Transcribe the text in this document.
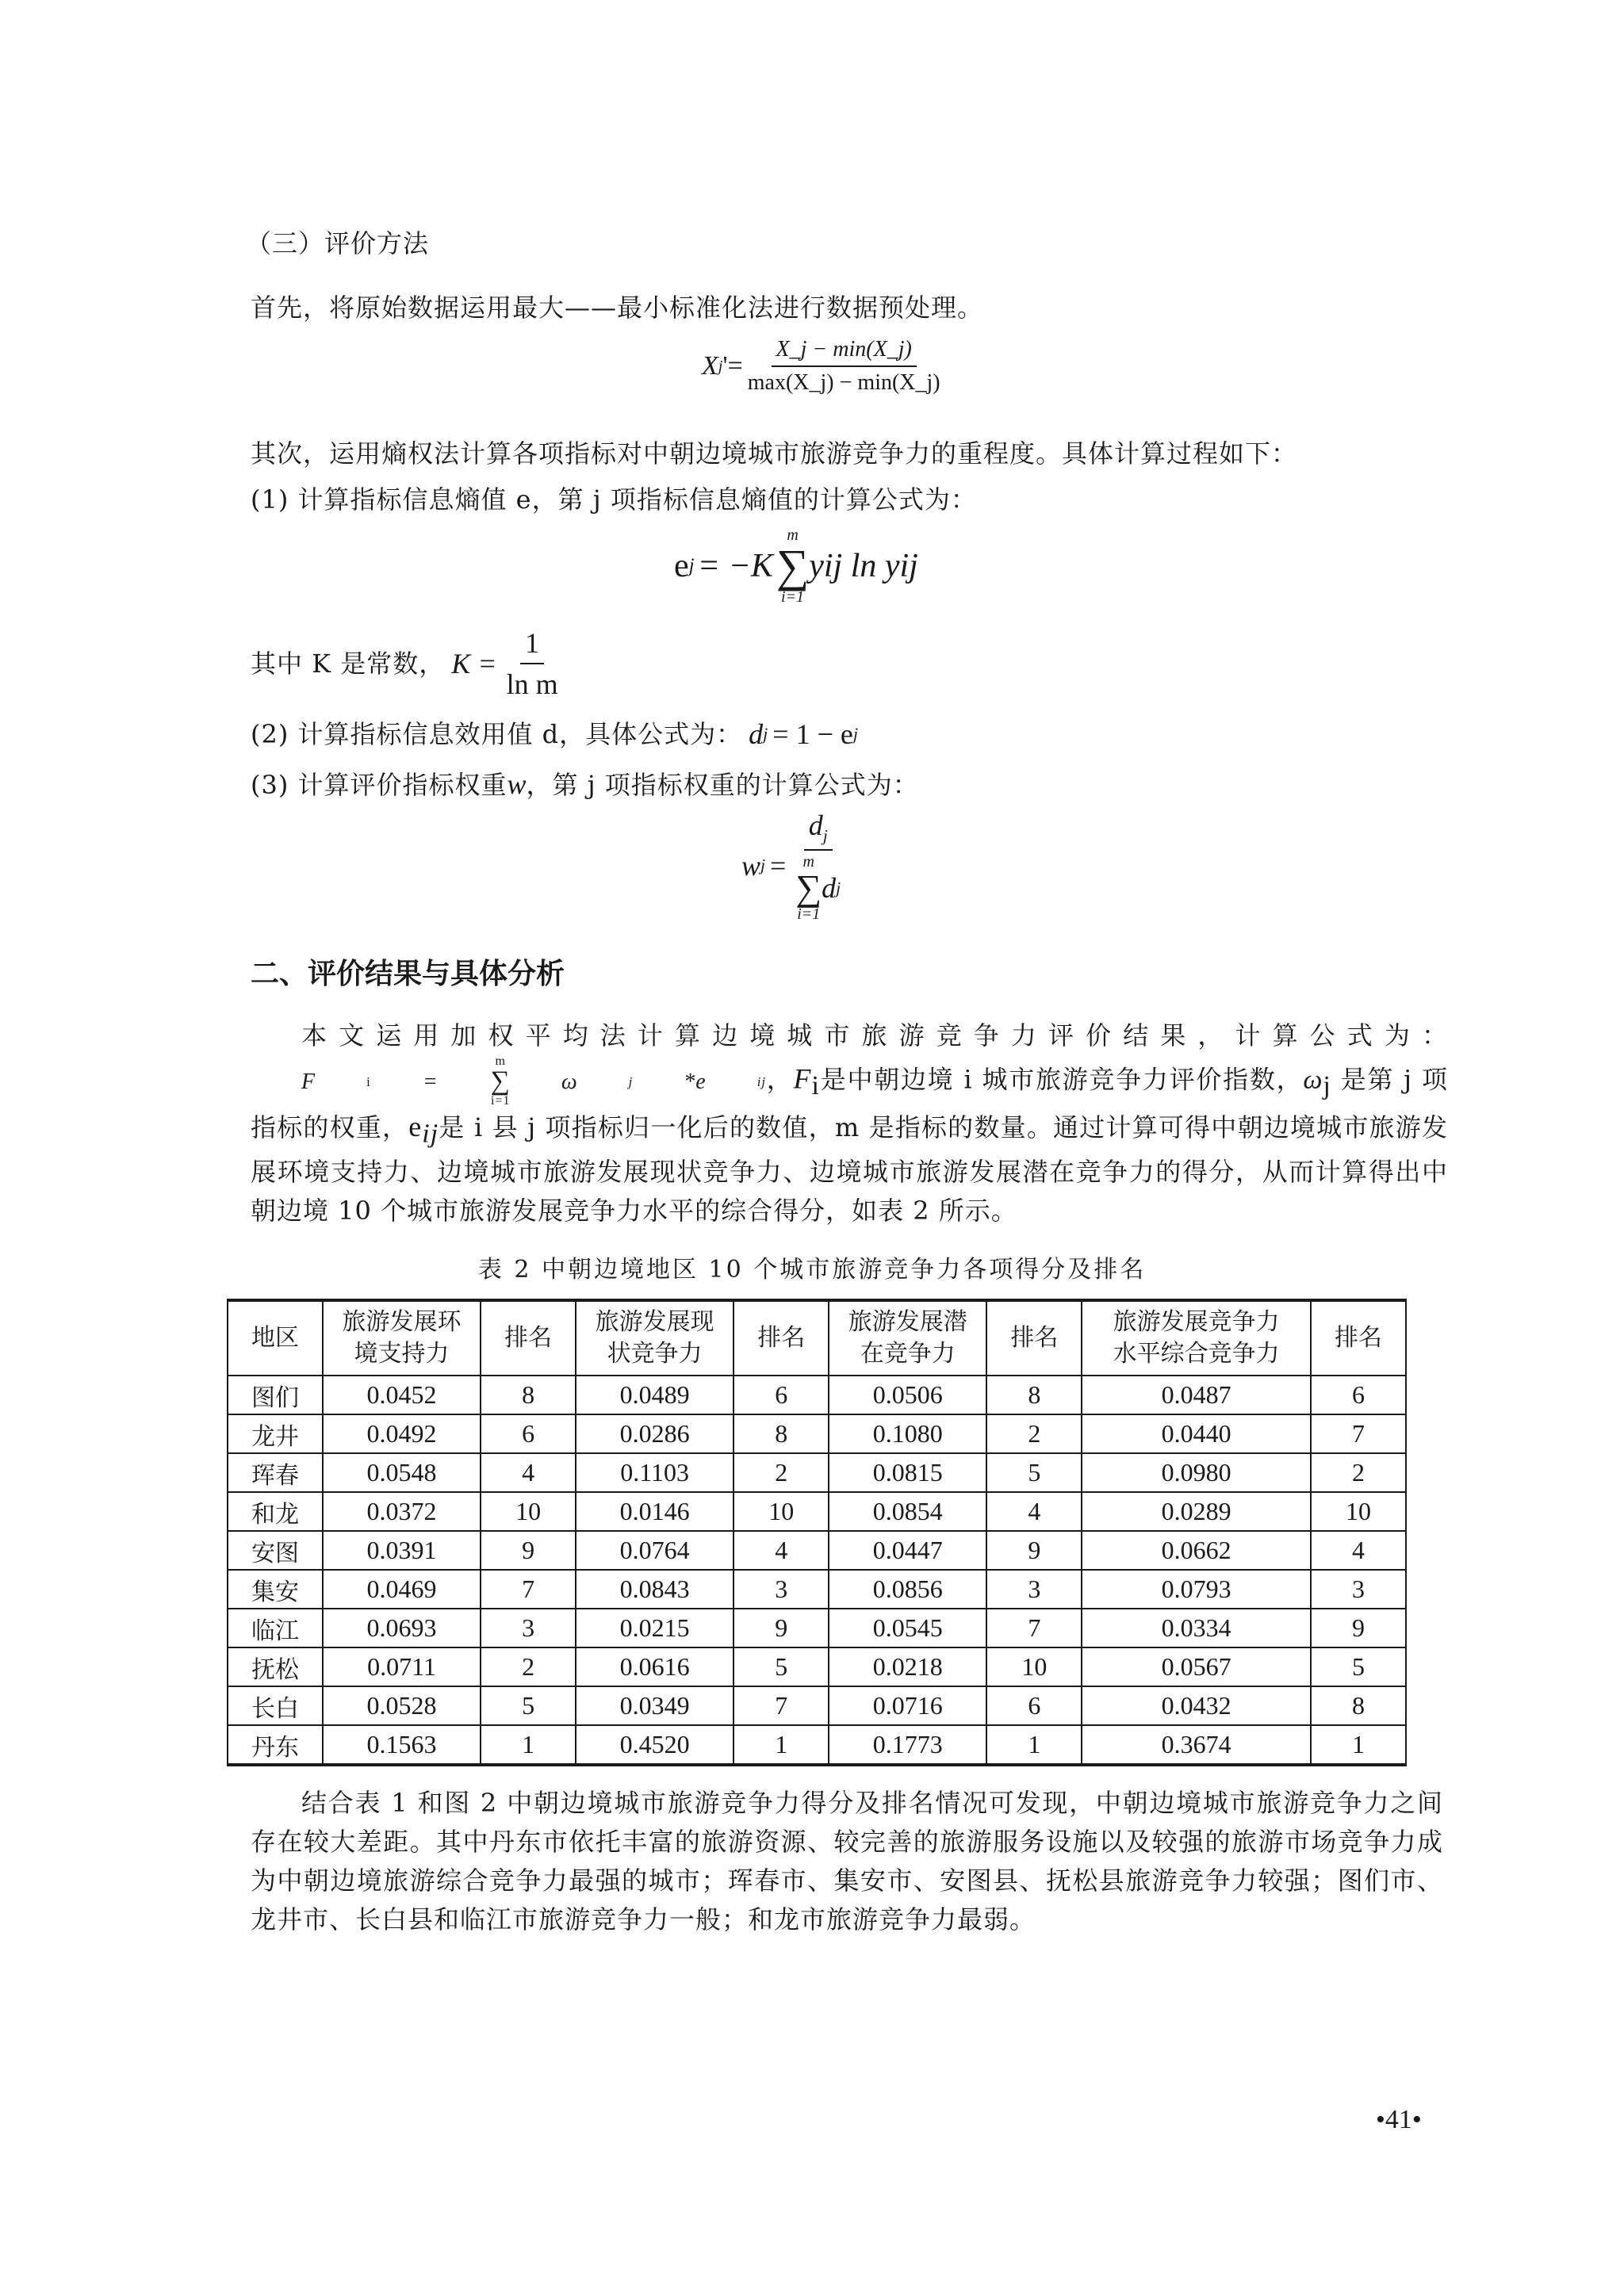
（三）评价方法
首先，将原始数据运用最大——最小标准化法进行数据预处理。
X j '= $\frac{X\_j - \min(X\_j)}{\max(X\_j) - \min(X\_j)}$
其次，运用熵权法计算各项指标对中朝边境城市旅游竞争力的重程度。具体计算过程如下：
(1) 计算指标信息熵值 e，第 j 项指标信息熵值的计算公式为：
e j = −K
m
∑
i=1
yij ln yij
其中 K 是常数， $K = \frac{1}{\text{ln m}}$
(2) 计算指标信息效用值 d，具体公式为： d j = 1 − e j
(3) 计算评价指标权重 w ，第 j 项指标权重的计算公式为：
w $j = d_j$
m
∑
i=1
d j
二、评价结果与具体分析

本文运用加权平均法计算边境城市旅游竞争力评价结果，计算公式为：
F	i	=
m
∑
i=1
ω	j	*e	ij ，$F_i$是中朝边境 i 城市旅游竞争力评价指数，$\omega_j$ 是第 j 项指标的权重，$e_{ij}$是 i 县 j 项指标归一化后的数值，m 是指标的数量。通过计算可得中朝边境城市旅游发展环境支持力、边境城市旅游发展现状竞争力、边境城市旅游发展潜在竞争力的得分，从而计算得出中朝边境 10 个城市旅游发展竞争力水平的综合得分，如表 2 所示。

表 2 中朝边境地区 10 个城市旅游竞争力各项得分及排名
地区	旅游发展环
境支持力	排名	旅游发展现
状竞争力	排名	旅游发展潜
在竞争力	排名	旅游发展竞争力
水平综合竞争力	排名
图们	0.0452	8	0.0489	6	0.0506	8	0.0487	6
龙井	0.0492	6	0.0286	8	0.1080	2	0.0440	7
珲春	0.0548	4	0.1103	2	0.0815	5	0.0980	2
和龙	0.0372	10	0.0146	10	0.0854	4	0.0289	10
安图	0.0391	9	0.0764	4	0.0447	9	0.0662	4
集安	0.0469	7	0.0843	3	0.0856	3	0.0793	3
临江	0.0693	3	0.0215	9	0.0545	7	0.0334	9
抚松	0.0711	2	0.0616	5	0.0218	10	0.0567	5
长白	0.0528	5	0.0349	7	0.0716	6	0.0432	8
丹东	0.1563	1	0.4520	1	0.1773	1	0.3674	1

结合表 1 和图 2 中朝边境城市旅游竞争力得分及排名情况可发现，中朝边境城市旅游竞争力之间存在较大差距。其中丹东市依托丰富的旅游资源、较完善的旅游服务设施以及较强的旅游市场竞争力成为中朝边境旅游综合竞争力最强的城市；珲春市、集安市、安图县、抚松县旅游竞争力较强；图们市、龙井市、长白县和临江市旅游竞争力一般；和龙市旅游竞争力最弱。

•41•
